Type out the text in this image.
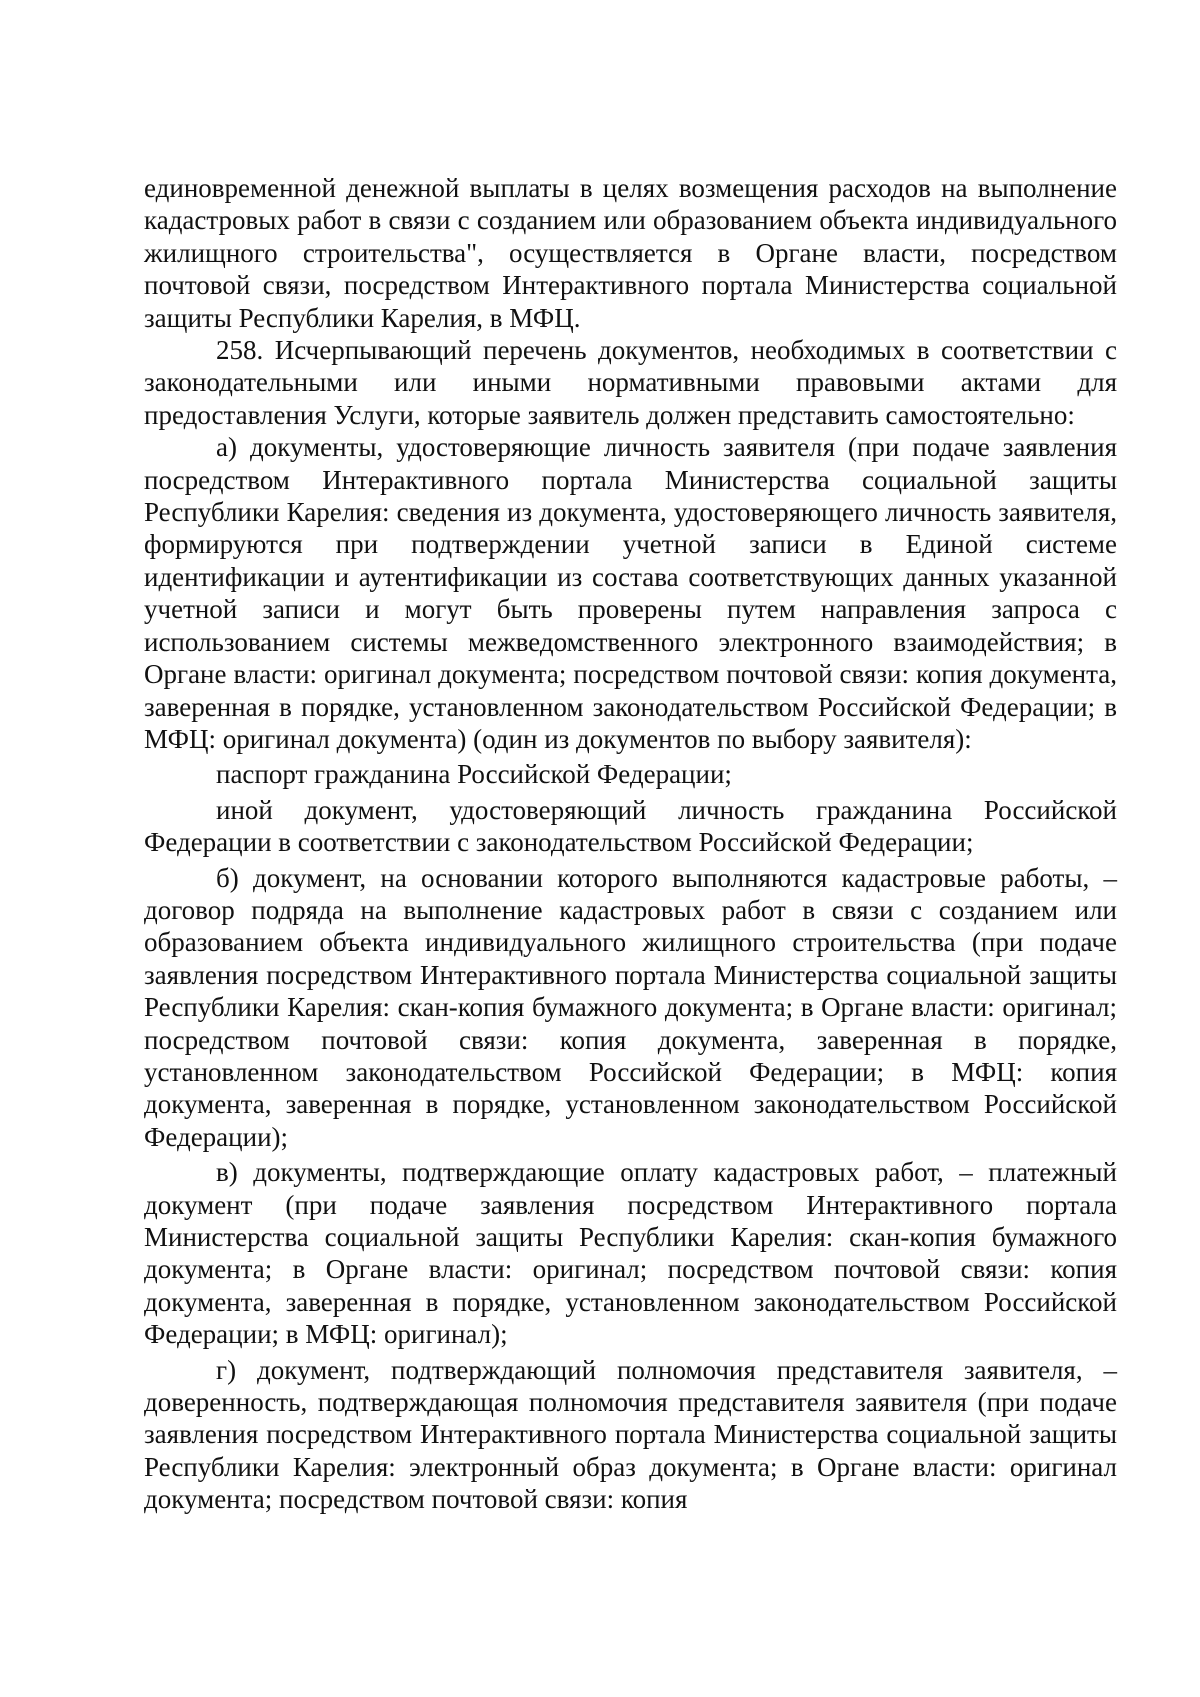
единовременной денежной выплаты в целях возмещения расходов на выполнение кадастровых работ в связи с созданием или образованием объекта индивидуального жилищного строительства", осуществляется в Органе власти, посредством почтовой связи, посредством Интерактивного портала Министерства социальной защиты Республики Карелия, в МФЦ.

258. Исчерпывающий перечень документов, необходимых в соответствии с законодательными или иными нормативными правовыми актами для предоставления Услуги, которые заявитель должен представить самостоятельно:

а) документы, удостоверяющие личность заявителя (при подаче заявления посредством Интерактивного портала Министерства социальной защиты Республики Карелия: сведения из документа, удостоверяющего личность заявителя, формируются при подтверждении учетной записи в Единой системе идентификации и аутентификации из состава соответствующих данных указанной учетной записи и могут быть проверены путем направления запроса с использованием системы межведомственного электронного взаимодействия; в Органе власти: оригинал документа; посредством почтовой связи: копия документа, заверенная в порядке, установленном законодательством Российской Федерации; в МФЦ: оригинал документа) (один из документов по выбору заявителя):

паспорт гражданина Российской Федерации;

иной документ, удостоверяющий личность гражданина Российской Федерации в соответствии с законодательством Российской Федерации;

б) документ, на основании которого выполняются кадастровые работы, – договор подряда на выполнение кадастровых работ в связи с созданием или образованием объекта индивидуального жилищного строительства (при подаче заявления посредством Интерактивного портала Министерства социальной защиты Республики Карелия: скан-копия бумажного документа; в Органе власти: оригинал; посредством почтовой связи: копия документа, заверенная в порядке, установленном законодательством Российской Федерации; в МФЦ: копия документа, заверенная в порядке, установленном законодательством Российской Федерации);

в) документы, подтверждающие оплату кадастровых работ, – платежный документ (при подаче заявления посредством Интерактивного портала Министерства социальной защиты Республики Карелия: скан-копия бумажного документа; в Органе власти: оригинал; посредством почтовой связи: копия документа, заверенная в порядке, установленном законодательством Российской Федерации; в МФЦ: оригинал);

г) документ, подтверждающий полномочия представителя заявителя, – доверенность, подтверждающая полномочия представителя заявителя (при подаче заявления посредством Интерактивного портала Министерства социальной защиты Республики Карелия: электронный образ документа; в Органе власти: оригинал документа; посредством почтовой связи: копия
